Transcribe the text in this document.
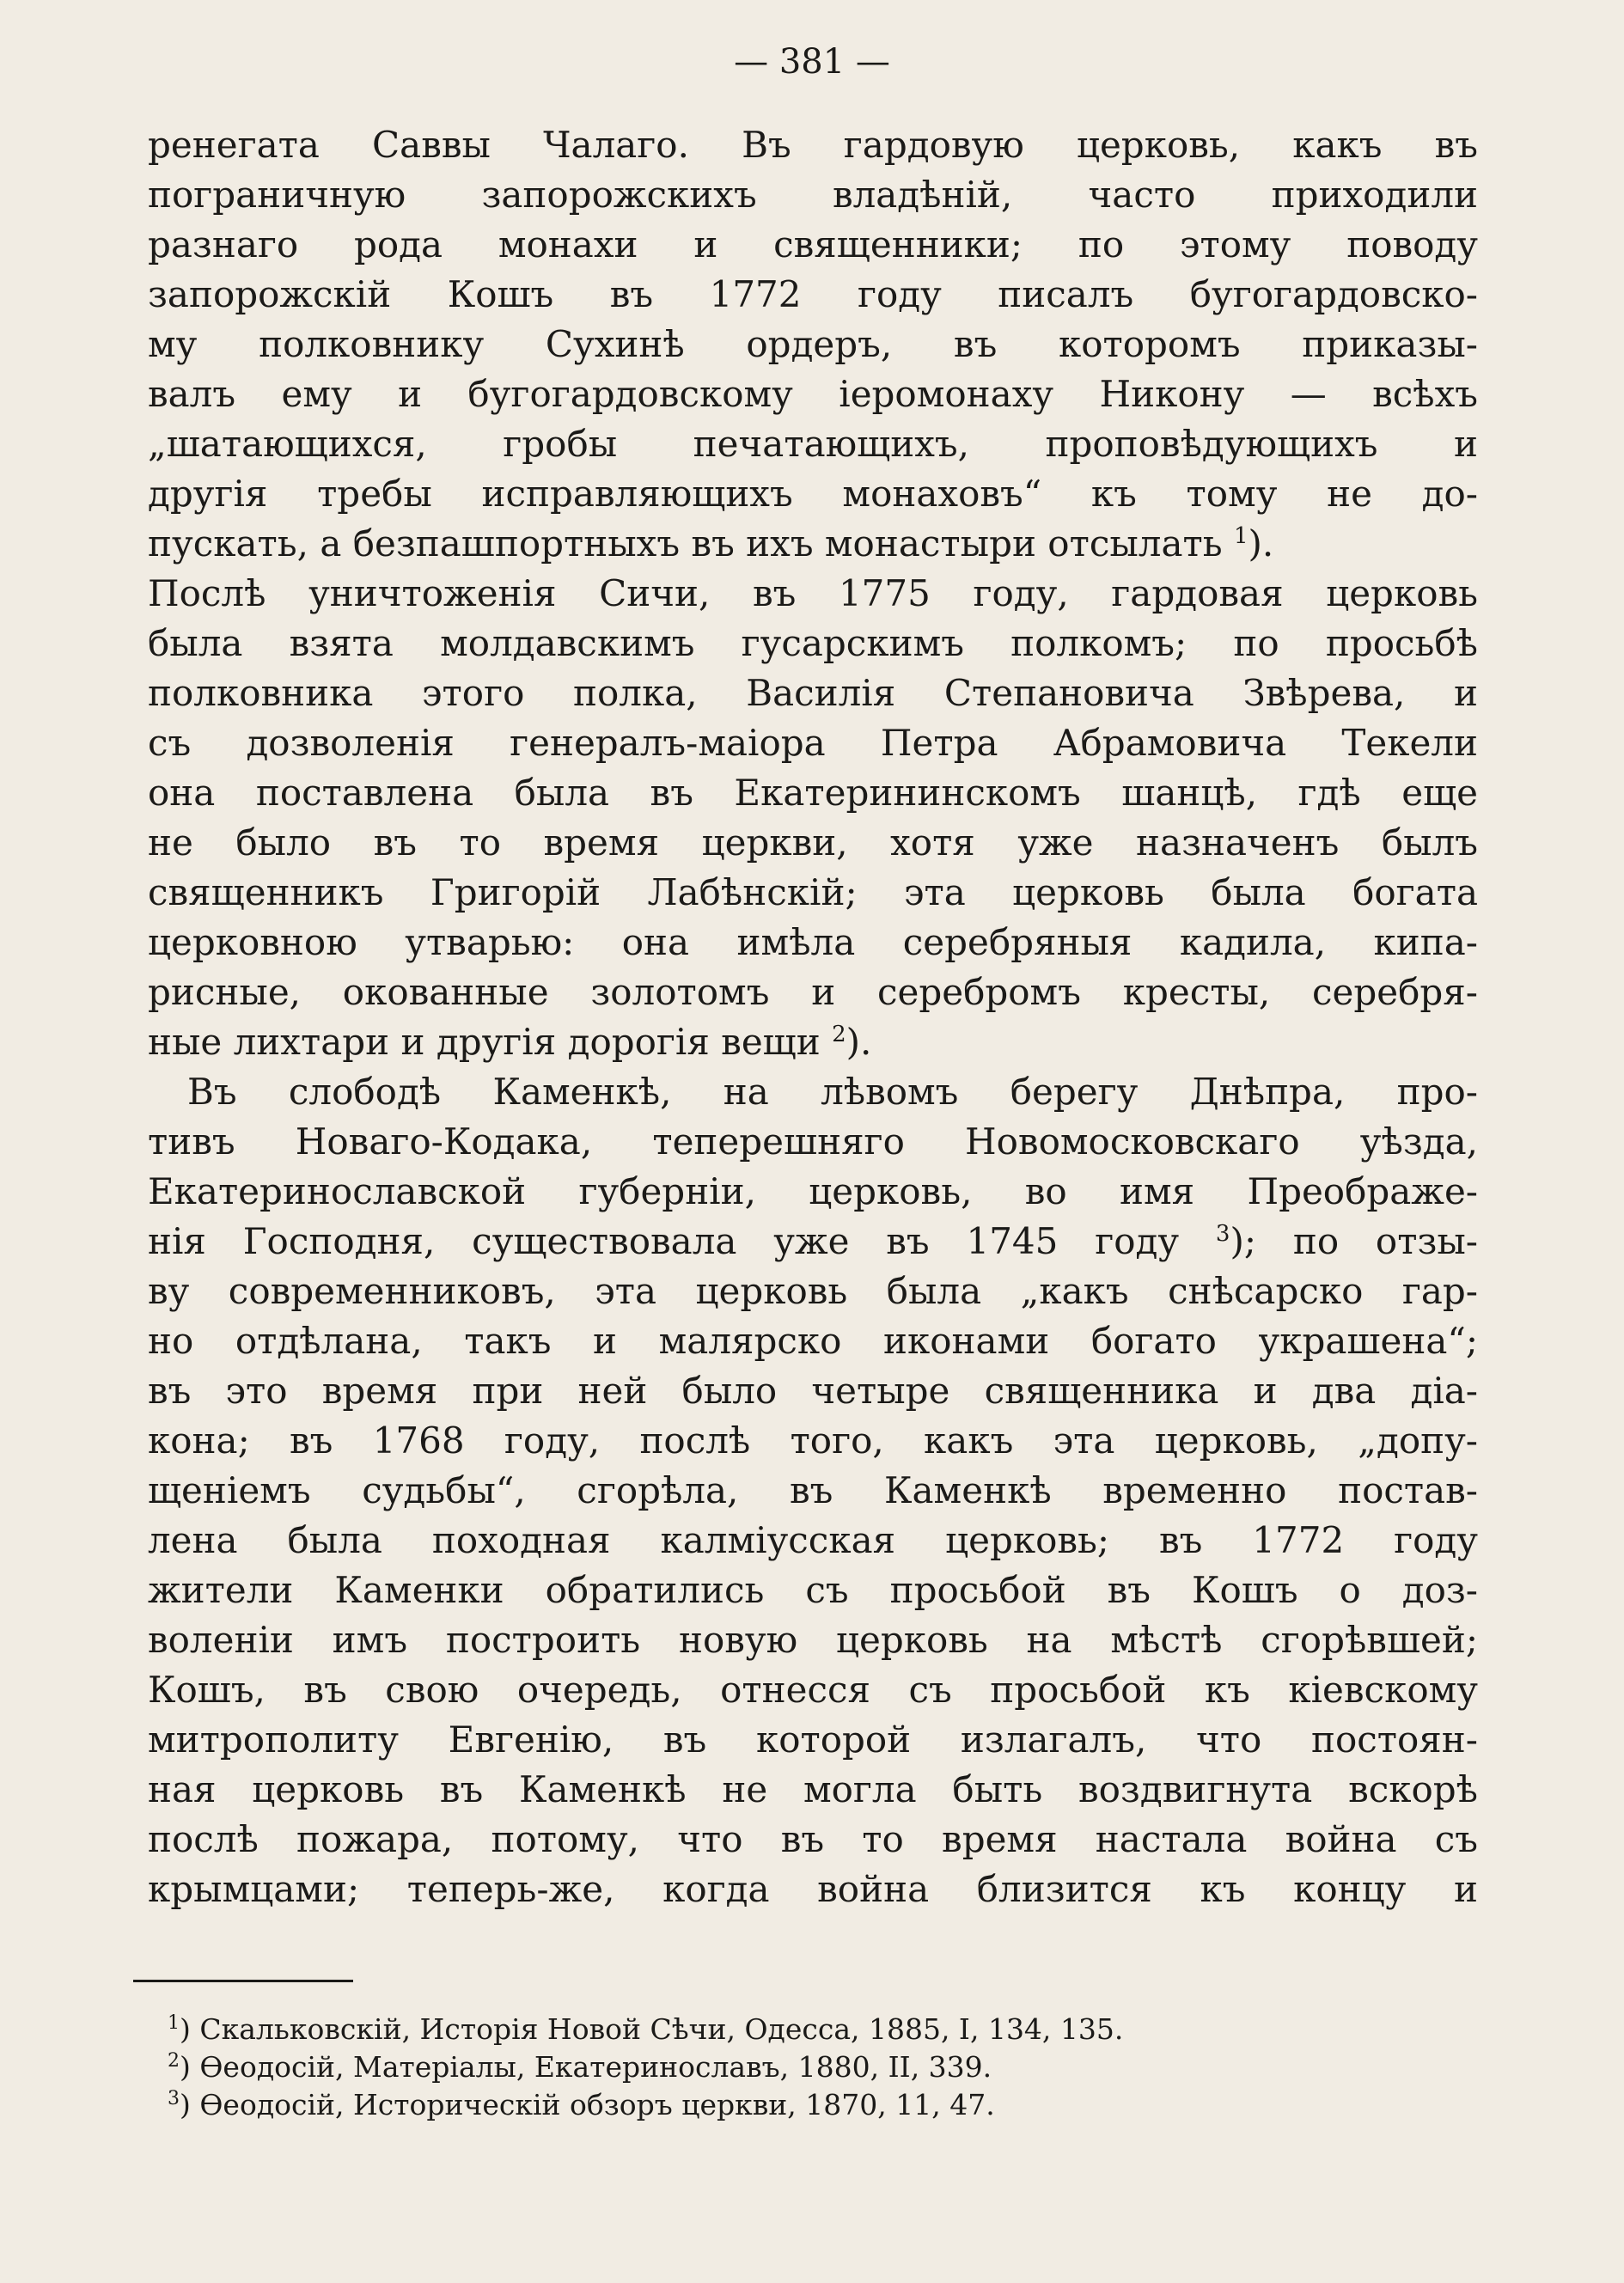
— 381 —
ренегата Саввы Чалаго. Въ гардовую церковь, какъ въ
пограничную запорожскихъ владѣній, часто приходили
разнаго рода монахи и священники; по этому поводу
запорожскій Кошъ въ 1772 году писалъ бугогардовско-
му полковнику Сухинѣ ордеръ, въ которомъ приказы-
валъ ему и бугогардовскому іеромонаху Никону — всѣхъ
„шатающихся, гробы печатающихъ, проповѣдующихъ и
другія требы исправляющихъ монаховъ“ къ тому не до-
пускать, а безпашпортныхъ въ ихъ монастыри отсылать $^1$).
Послѣ уничтоженія Сичи, въ 1775 году, гардовая церковь
была взята молдавскимъ гусарскимъ полкомъ; по просьбѣ
полковника этого полка, Василія Степановича Звѣрева, и
съ дозволенія генералъ-маіора Петра Абрамовича Текели
она поставлена была въ Екатерининскомъ шанцѣ, гдѣ еще
не было въ то время церкви, хотя уже назначенъ былъ
священникъ Григорій Лабѣнскій; эта церковь была богата
церковною утварью: она имѣла серебряныя кадила, кипа-
рисные, окованные золотомъ и серебромъ кресты, серебря-
ные лихтари и другія дорогія вещи $^2$).
Въ слободѣ Каменкѣ, на лѣвомъ берегу Днѣпра, про-
тивъ Новаго-Кодака, теперешняго Новомосковскаго уѣзда,
Екатеринославской губерніи, церковь, во имя Преображе-
нія Господня, существовала уже въ 1745 году $^3$); по отзы-
ву современниковъ, эта церковь была „какъ снѣсарско гар-
но отдѣлана, такъ и малярско иконами богато украшена“;
въ это время при ней было четыре священника и два діа-
кона; въ 1768 году, послѣ того, какъ эта церковь, „допу-
щеніемъ судьбы“, сгорѣла, въ Каменкѣ временно постав-
лена была походная калміусская церковь; въ 1772 году
жители Каменки обратились съ просьбой въ Кошъ о доз-
воленіи имъ построить новую церковь на мѣстѣ сгорѣвшей;
Кошъ, въ свою очередь, отнесся съ просьбой къ кіевскому
митрополиту Евгенію, въ которой излагалъ, что постоян-
ная церковь въ Каменкѣ не могла быть воздвигнута вскорѣ
послѣ пожара, потому, что въ то время настала война съ
крымцами; теперь-же, когда война близится къ концу и
$^1$) Скальковскій, Исторія Новой Сѣчи, Одесса, 1885, I, 134, 135.
$^2$) Ѳеодосій, Матеріалы, Екатеринославъ, 1880, II, 339.
$^3$) Ѳеодосій, Историческій обзоръ церкви, 1870, 11, 47.
